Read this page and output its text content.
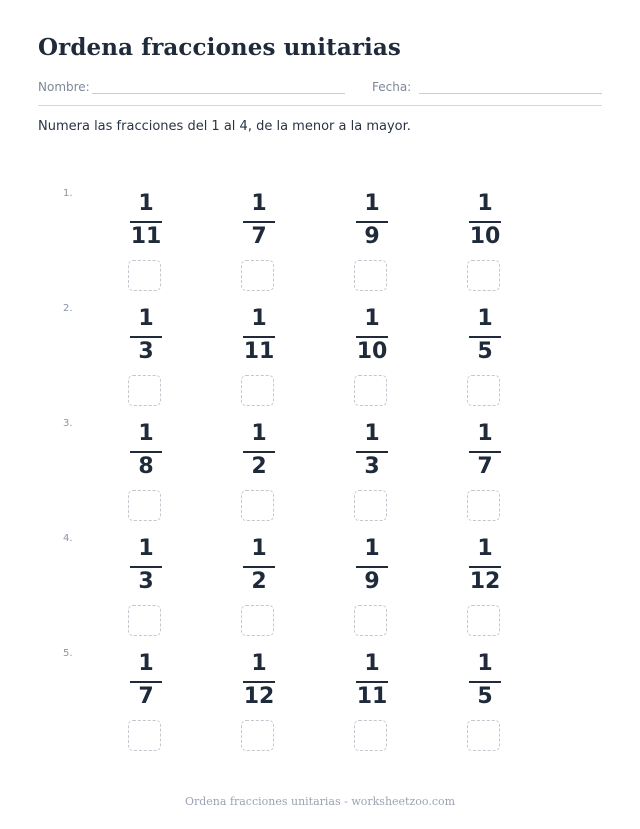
Ordena fracciones unitarias
Nombre:	Fecha:

Numera las fracciones del 1 al 4, de la menor a la mayor.

1.	1
11
1
7
1
9
1
10
2.	1
3
1
11
1
10
1
5
3.	1
8
1
2
1
3
1
7
4.	1
3
1
2
1
9
1
12
5.	1
7
1
12
1
11
1
5
Ordena fracciones unitarias - worksheetzoo.com
